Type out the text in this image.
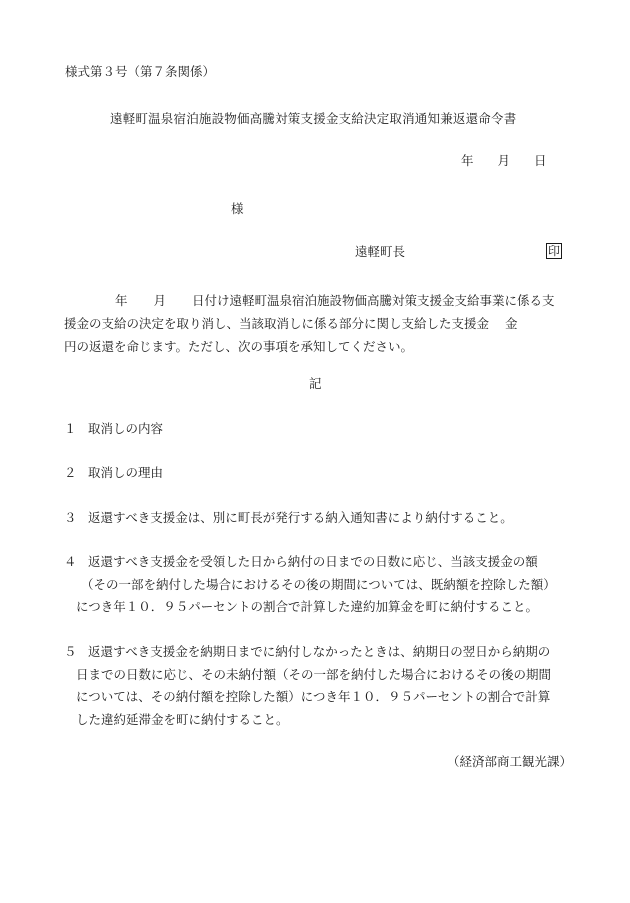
様式第３号（第７条関係）
遠軽町温泉宿泊施設物価高騰対策支援金支給決定取消通知兼返還命令書
年 月 日
様
遠軽町長	印
年 月 日付け遠軽町温泉宿泊施設物価高騰対策支援金支給事業に係る支
援金の支給の決定を取り消し、当該取消しに係る部分に関し支給した支援金 金
円の返還を命じます。ただし、次の事項を承知してください。
記
１ 取消しの内容
２ 取消しの理由
３ 返還すべき支援金は、別に町長が発行する納入通知書により納付すること。
４ 返還すべき支援金を受領した日から納付の日までの日数に応じ、当該支援金の額
（その一部を納付した場合におけるその後の期間については、既納額を控除した額）
につき年１０．９５パーセントの割合で計算した違約加算金を町に納付すること。
５ 返還すべき支援金を納期日までに納付しなかったときは、納期日の翌日から納期の
日までの日数に応じ、その未納付額（その一部を納付した場合におけるその後の期間
については、その納付額を控除した額）につき年１０．９５パーセントの割合で計算
した違約延滞金を町に納付すること。
（経済部商工観光課）
